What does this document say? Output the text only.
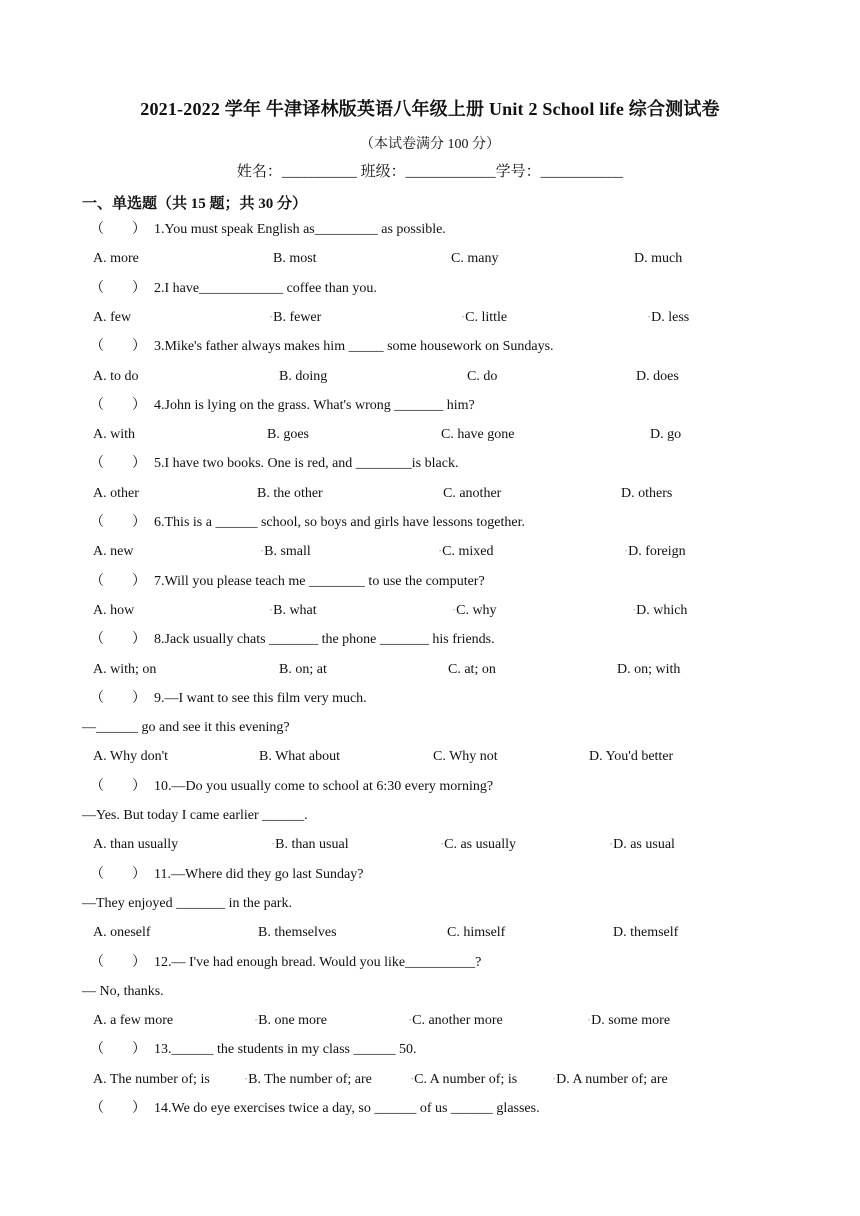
2021-2022 学年 牛津译林版英语八年级上册 Unit 2 School life 综合测试卷
（本试卷满分 100 分）
姓名：__________ 班级：____________学号：___________
一、单选题（共 15 题；共 30 分）
（　　） 1.You must speak English as_________ as possible.
A. more	B. most	C. many	D. much
（　　） 2.I have____________ coffee than you.
A. few	•B. fewer	•C. little	•D. less
（　　） 3.Mike's father always makes him _____ some housework on Sundays.
A. to do	B. doing	C. do	D. does
（　　） 4.John is lying on the grass. What's wrong _______ him?
A. with	B. goes	C. have gone	D. go
（　　） 5.I have two books. One is red, and ________is black.
A. other	B. the other	C. another	D. others
（　　） 6.This is a ______ school, so boys and girls have lessons together.
A. new	•B. small	•C. mixed	•D. foreign
（　　） 7.Will you please teach me ________ to use the computer?
A. how	•B. what	•C. why	•D. which
（　　） 8.Jack usually chats _______ the phone _______ his friends.
A. with; on	B. on; at	C. at; on	D. on; with
（　　） 9.—I want to see this film very much.
—______ go and see it this evening?
A. Why don't	B. What about	C. Why not	D. You'd better
（　　） 10.—Do you usually come to school at 6:30 every morning?
—Yes. But today I came earlier ______.
A. than usually	•B. than usual	•C. as usually	•D. as usual
（　　） 11.—Where did they go last Sunday?
—They enjoyed _______ in the park.
A. oneself	B. themselves	C. himself	D. themself
（　　） 12.— I've had enough bread. Would you like__________?
— No, thanks.
A. a few more	•B. one more	•C. another more	•D. some more
（　　） 13.______ the students in my class ______ 50.
A. The number of; is	•B. The number of; are	•C. A number of; is	•D. A number of; are
（　　） 14.We do eye exercises twice a day, so ______ of us ______ glasses.
